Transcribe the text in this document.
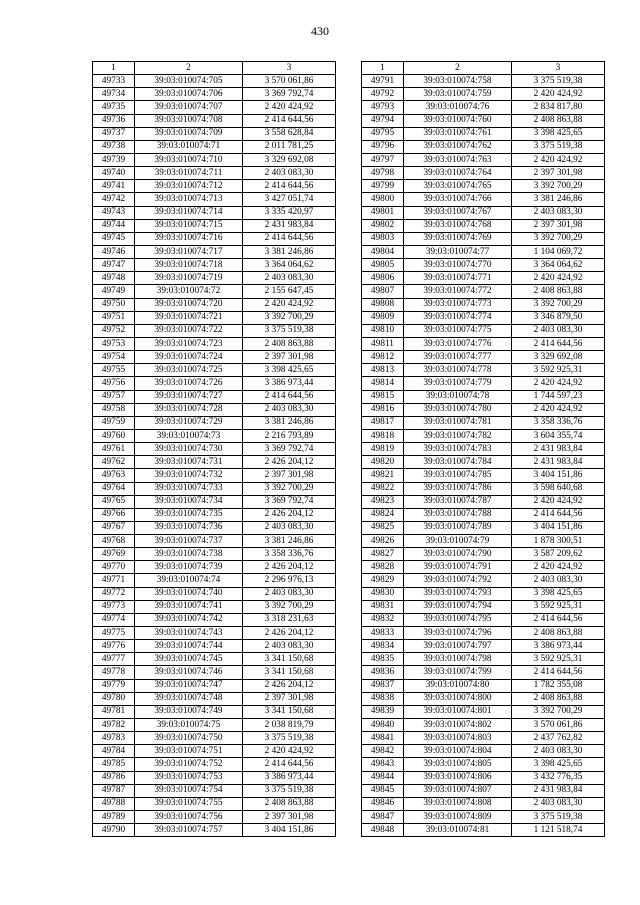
430
1	2	3
49733	39:03:010074:705	3 570 061,86
49734	39:03:010074:706	3 369 792,74
49735	39:03:010074:707	2 420 424,92
49736	39:03:010074:708	2 414 644,56
49737	39:03:010074:709	3 558 628,84
49738	39:03:010074:71	2 011 781,25
49739	39:03:010074:710	3 329 692,08
49740	39:03:010074:711	2 403 083,30
49741	39:03:010074:712	2 414 644,56
49742	39:03:010074:713	3 427 051,74
49743	39:03:010074:714	3 335 420,97
49744	39:03:010074:715	2 431 983,84
49745	39:03:010074:716	2 414 644,56
49746	39:03:010074:717	3 381 246,86
49747	39:03:010074:718	3 364 064,62
49748	39:03:010074:719	2 403 083,30
49749	39:03:010074:72	2 155 647,45
49750	39:03:010074:720	2 420 424,92
49751	39:03:010074:721	3 392 700,29
49752	39:03:010074:722	3 375 519,38
49753	39:03:010074:723	2 408 863,88
49754	39:03:010074:724	2 397 301,98
49755	39:03:010074:725	3 398 425,65
49756	39:03:010074:726	3 386 973,44
49757	39:03:010074:727	2 414 644,56
49758	39:03:010074:728	2 403 083,30
49759	39:03:010074:729	3 381 246,86
49760	39:03:010074:73	2 216 793,89
49761	39:03:010074:730	3 369 792,74
49762	39:03:010074:731	2 426 204,12
49763	39:03:010074:732	2 397 301,98
49764	39:03:010074:733	3 392 700,29
49765	39:03:010074:734	3 369 792,74
49766	39:03:010074:735	2 426 204,12
49767	39:03:010074:736	2 403 083,30
49768	39:03:010074:737	3 381 246,86
49769	39:03:010074:738	3 358 336,76
49770	39:03:010074:739	2 426 204,12
49771	39:03:010074:74	2 296 976,13
49772	39:03:010074:740	2 403 083,30
49773	39:03:010074:741	3 392 700,29
49774	39:03:010074:742	3 318 231,63
49775	39:03:010074:743	2 426 204,12
49776	39:03:010074:744	2 403 083,30
49777	39:03:010074:745	3 341 150,68
49778	39:03:010074:746	3 341 150,68
49779	39:03:010074:747	2 426 204,12
49780	39:03:010074:748	2 397 301,98
49781	39:03:010074:749	3 341 150,68
49782	39:03:010074:75	2 038 819,79
49783	39:03:010074:750	3 375 519,38
49784	39:03:010074:751	2 420 424,92
49785	39:03:010074:752	2 414 644,56
49786	39:03:010074:753	3 386 973,44
49787	39:03:010074:754	3 375 519,38
49788	39:03:010074:755	2 408 863,88
49789	39:03:010074:756	2 397 301,98
49790	39:03:010074:757	3 404 151,86
1	2	3
49791	39:03:010074:758	3 375 519,38
49792	39:03:010074:759	2 420 424,92
49793	39:03:010074:76	2 834 817,80
49794	39:03:010074:760	2 408 863,88
49795	39:03:010074:761	3 398 425,65
49796	39:03:010074:762	3 375 519,38
49797	39:03:010074:763	2 420 424,92
49798	39:03:010074:764	2 397 301,98
49799	39:03:010074:765	3 392 700,29
49800	39:03:010074:766	3 381 246,86
49801	39:03:010074:767	2 403 083,30
49802	39:03:010074:768	2 397 301,98
49803	39:03:010074:769	3 392 700,29
49804	39:03:010074:77	1 104 069,72
49805	39:03:010074:770	3 364 064,62
49806	39:03:010074:771	2 420 424,92
49807	39:03:010074:772	2 408 863,88
49808	39:03:010074:773	3 392 700,29
49809	39:03:010074:774	3 346 879,50
49810	39:03:010074:775	2 403 083,30
49811	39:03:010074:776	2 414 644,56
49812	39:03:010074:777	3 329 692,08
49813	39:03:010074:778	3 592 925,31
49814	39:03:010074:779	2 420 424,92
49815	39:03:010074:78	1 744 597,23
49816	39:03:010074:780	2 420 424,92
49817	39:03:010074:781	3 358 336,76
49818	39:03:010074:782	3 604 355,74
49819	39:03:010074:783	2 431 983,84
49820	39:03:010074:784	2 431 983,84
49821	39:03:010074:785	3 404 151,86
49822	39:03:010074:786	3 598 640,68
49823	39:03:010074:787	2 420 424,92
49824	39:03:010074:788	2 414 644,56
49825	39:03:010074:789	3 404 151,86
49826	39:03:010074:79	1 878 300,51
49827	39:03:010074:790	3 587 209,62
49828	39:03:010074:791	2 420 424,92
49829	39:03:010074:792	2 403 083,30
49830	39:03:010074:793	3 398 425,65
49831	39:03:010074:794	3 592 925,31
49832	39:03:010074:795	2 414 644,56
49833	39:03:010074:796	2 408 863,88
49834	39:03:010074:797	3 386 973,44
49835	39:03:010074:798	3 592 925,31
49836	39:03:010074:799	2 414 644,56
49837	39:03:010074:80	1 782 355,08
49838	39:03:010074:800	2 408 863,88
49839	39:03:010074:801	3 392 700,29
49840	39:03:010074:802	3 570 061,86
49841	39:03:010074:803	2 437 762,82
49842	39:03:010074:804	2 403 083,30
49843	39:03:010074:805	3 398 425,65
49844	39:03:010074:806	3 432 776,35
49845	39:03:010074:807	2 431 983,84
49846	39:03:010074:808	2 403 083,30
49847	39:03:010074:809	3 375 519,38
49848	39:03:010074:81	1 121 518,74
